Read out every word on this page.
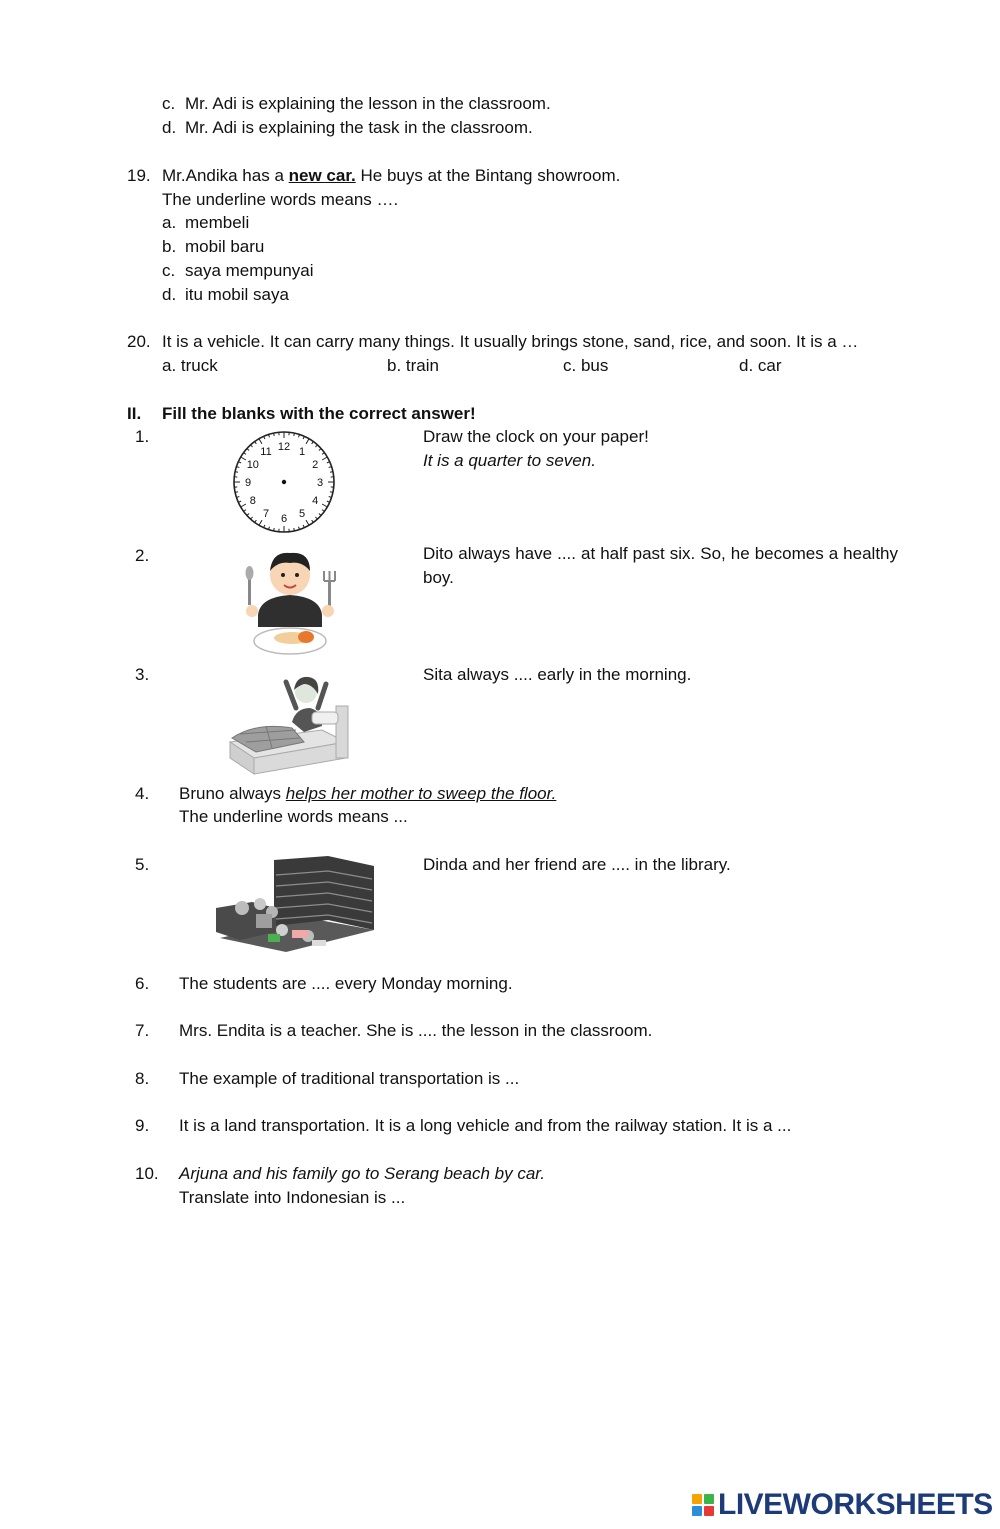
c. Mr. Adi is explaining the lesson in the classroom.
d. Mr. Adi is explaining the task in the classroom.
19. Mr.Andika has a new car. He buys at the Bintang showroom.
The underline words means ….
a. membeli
b. mobil baru
c. saya mempunyai
d. itu mobil saya
20. It is a vehicle. It can carry many things. It usually brings stone, sand, rice, and soon. It is a …
a. truck	b. train	c. bus	d. car
II. Fill the blanks with the correct answer!
1.
12 1
2
3
4
5
6
7
8
9
10
11
Draw the clock on your paper!
It is a quarter to seven.
2.	Dito always have .... at half past six. So, he becomes a healthy boy.
3.	Sita always .... early in the morning.
4. Bruno always helps her mother to sweep the floor.
The underline words means ...
5.	Dinda and her friend are .... in the library.
6. The students are .... every Monday morning.
7. Mrs. Endita is a teacher. She is .... the lesson in the classroom.
8. The example of traditional transportation is ...
9. It is a land transportation. It is a long vehicle and from the railway station. It is a ...
10. Arjuna and his family go to Serang beach by car.
Translate into Indonesian is ...
LIVEWORKSHEETS
